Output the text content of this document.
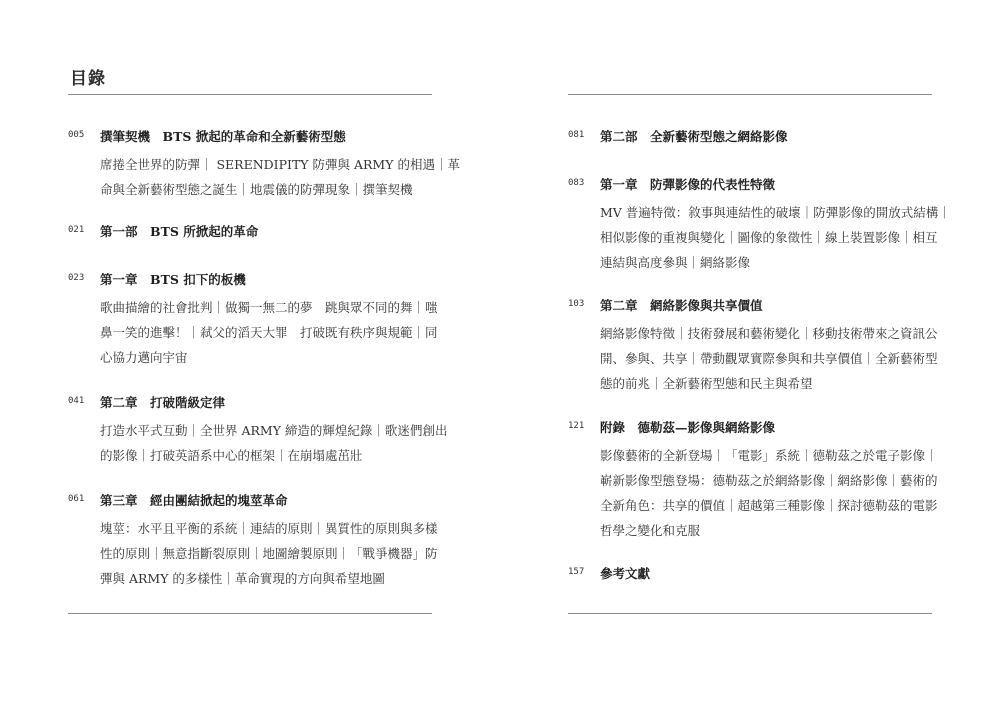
目錄
005	撰筆契機　BTS 掀起的革命和全新藝術型態
席捲全世界的防彈｜ SERENDIPITY 防彈與 ARMY 的相遇｜革
命與全新藝術型態之誕生｜地震儀的防彈現象｜撰筆契機
021	第一部　BTS 所掀起的革命
023	第一章　BTS 扣下的板機
歌曲描繪的社會批判｜做獨一無二的夢　跳與眾不同的舞｜嗤
鼻一笑的進擊！｜弒父的滔天大罪　打破既有秩序與規範｜同
心協力邁向宇宙
041	第二章　打破階級定律
打造水平式互動｜全世界 ARMY 締造的輝煌紀錄｜歌迷們創出
的影像｜打破英語系中心的框架｜在崩塌處茁壯
061	第三章　經由團結掀起的塊莖革命
塊莖：水平且平衡的系統｜連結的原則｜異質性的原則與多樣
性的原則｜無意指斷裂原則｜地圖繪製原則｜「戰爭機器」防
彈與 ARMY 的多樣性｜革命實現的方向與希望地圖
081	第二部　全新藝術型態之網絡影像
083	第一章　防彈影像的代表性特徵
MV 普遍特徵：敘事與連結性的破壞｜防彈影像的開放式結構｜
相似影像的重複與變化｜圖像的象徵性｜線上裝置影像｜相互
連結與高度參與｜網絡影像
103	第二章　網絡影像與共享價值
網絡影像特徵｜技術發展和藝術變化｜移動技術帶來之資訊公
開、參與、共享｜帶動觀眾實際參與和共享價值｜全新藝術型
態的前兆｜全新藝術型態和民主與希望
121	附錄　德勒茲—影像與網絡影像
影像藝術的全新登場｜「電影」系統｜德勒茲之於電子影像｜
嶄新影像型態登場：德勒茲之於網絡影像｜網絡影像｜藝術的
全新角色：共享的價值｜超越第三種影像｜探討德勒茲的電影
哲學之變化和克服
157	參考文獻
